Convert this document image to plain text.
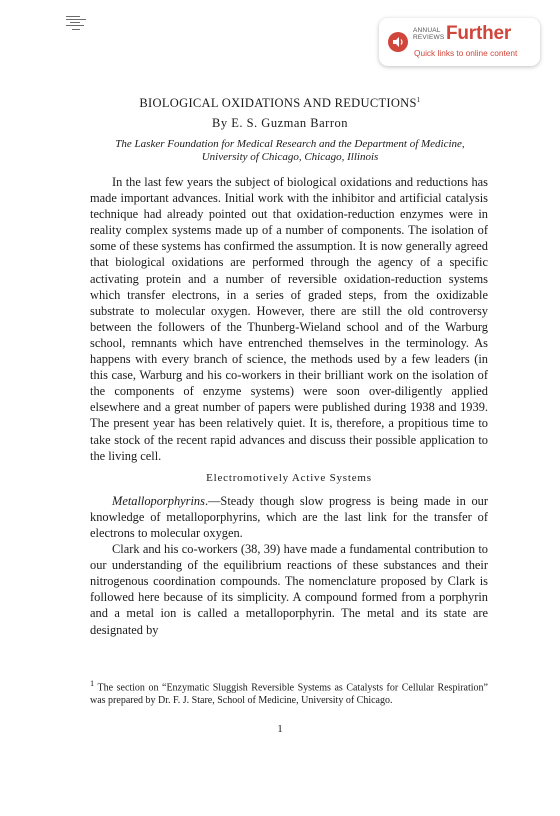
ANNUAL
REVIEWS Further
Quick links to online content
BIOLOGICAL OXIDATIONS AND REDUCTIONS$^1$
By E. S. Guzman Barron
The Lasker Foundation for Medical Research and the Department of Medicine,
University of Chicago, Chicago, Illinois

In the last few years the subject of biological oxidations and reductions has made important advances. Initial work with the inhibitor and artificial catalysis technique had already pointed out that oxidation-reduction enzymes were in reality complex systems made up of a number of components. The isolation of some of these systems has confirmed the assumption. It is now generally agreed that biological oxidations are performed through the agency of a specific activating protein and a number of reversible oxidation-reduction systems which transfer electrons, in a series of graded steps, from the oxidizable substrate to molecular oxygen. However, there are still the old controversy between the followers of the Thunberg-Wieland school and of the Warburg school, remnants which have entrenched themselves in the terminology. As happens with every branch of science, the methods used by a few leaders (in this case, Warburg and his co-workers in their brilliant work on the isolation of the components of enzyme systems) were soon over-diligently applied elsewhere and a great number of papers were published during 1938 and 1939. The present year has been relatively quiet. It is, therefore, a propitious time to take stock of the recent rapid advances and discuss their possible application to the living cell.

Electromotively Active Systems

Metalloporphyrins.—Steady though slow progress is being made in our knowledge of metalloporphyrins, which are the last link for the transfer of electrons to molecular oxygen.

Clark and his co-workers (38, 39) have made a fundamental contribution to our understanding of the equilibrium reactions of these substances and their nitrogenous coordination compounds. The nomenclature proposed by Clark is followed here because of its simplicity. A compound formed from a porphyrin and a metal ion is called a metalloporphyrin. The metal and its state are designated by

$^1$ The section on “Enzymatic Sluggish Reversible Systems as Catalysts for Cellular Respiration” was prepared by Dr. F. J. Stare, School of Medicine, University of Chicago.
1
